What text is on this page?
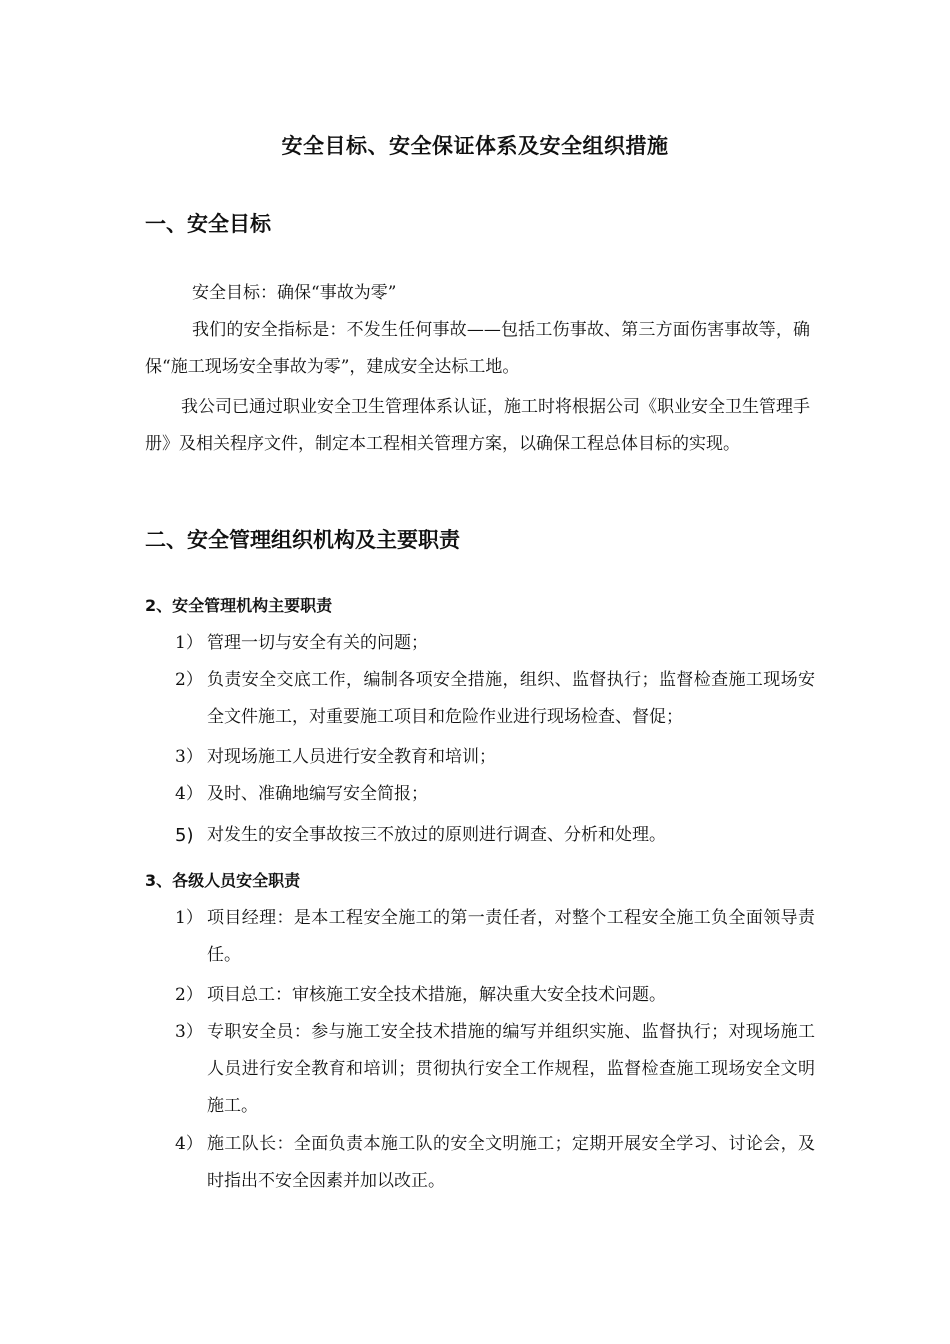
安全目标、安全保证体系及安全组织措施
一、安全目标

安全目标：确保“事故为零”

我们的安全指标是：不发生任何事故——包括工伤事故、第三方面伤害事故等，确保“施工现场安全事故为零”，建成安全达标工地。

我公司已通过职业安全卫生管理体系认证，施工时将根据公司《职业安全卫生管理手册》及相关程序文件，制定本工程相关管理方案，以确保工程总体目标的实现。

二、安全管理组织机构及主要职责
2、安全管理机构主要职责
1） 管理一切与安全有关的问题；
2） 负责安全交底工作，编制各项安全措施，组织、监督执行；监督检查施工现场安全文件施工，对重要施工项目和危险作业进行现场检查、督促；
3） 对现场施工人员进行安全教育和培训；
4） 及时、准确地编写安全简报；
5) 对发生的安全事故按三不放过的原则进行调查、分析和处理。
3、各级人员安全职责
1） 项目经理：是本工程安全施工的第一责任者，对整个工程安全施工负全面领导责任。
2） 项目总工：审核施工安全技术措施，解决重大安全技术问题。
3） 专职安全员：参与施工安全技术措施的编写并组织实施、监督执行；对现场施工人员进行安全教育和培训；贯彻执行安全工作规程，监督检查施工现场安全文明施工。
4） 施工队长：全面负责本施工队的安全文明施工；定期开展安全学习、讨论会，及时指出不安全因素并加以改正。
